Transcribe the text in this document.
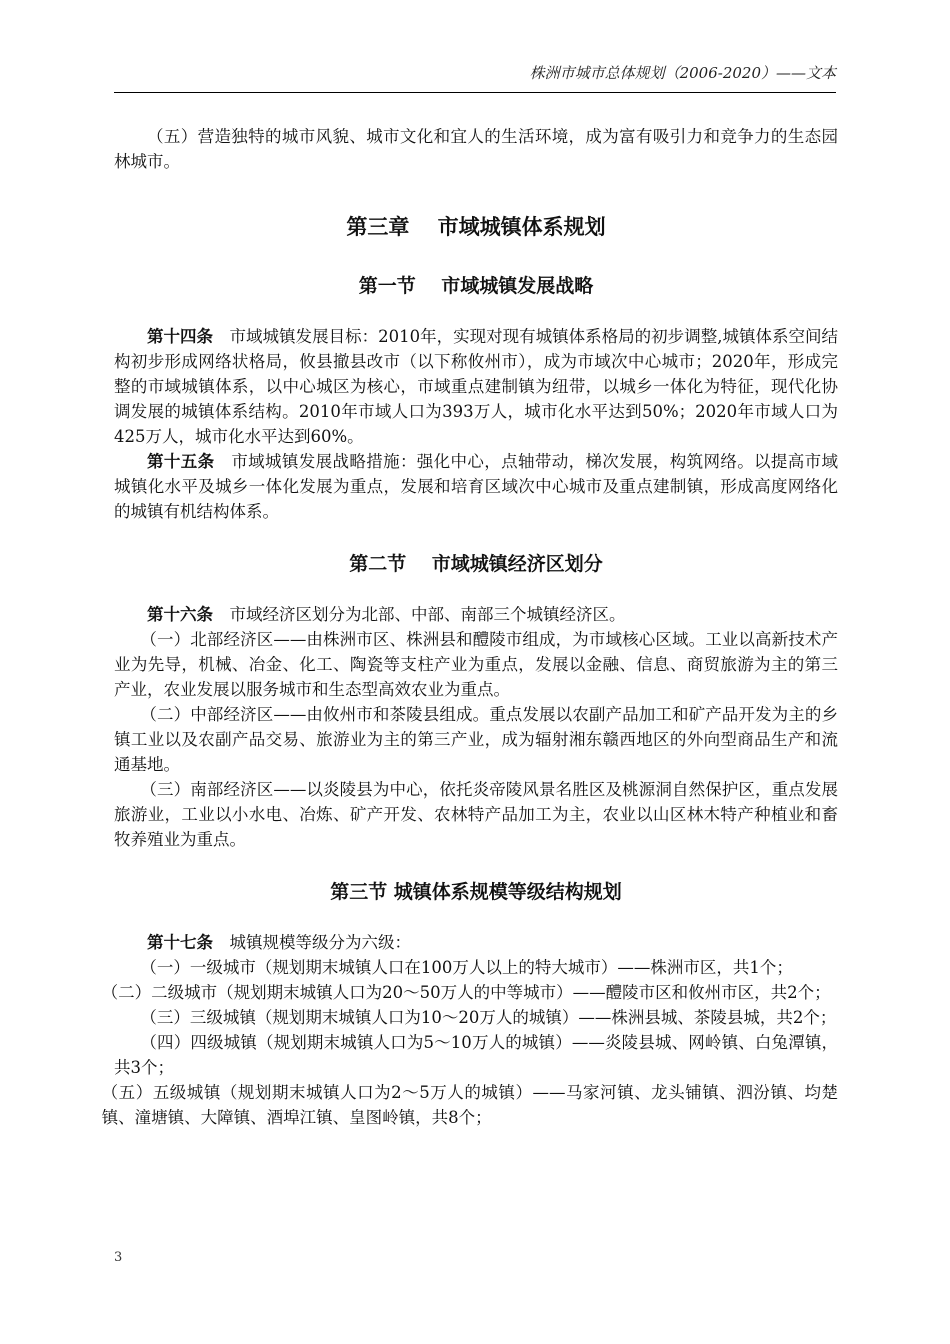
株洲市城市总体规划（2006-2020）——文本

（五）营造独特的城市风貌、城市文化和宜人的生活环境，成为富有吸引力和竞争力的生态园林城市。

第三章　 市域城镇体系规划
第一节　 市域城镇发展战略

第十四条　市域城镇发展目标：2010年，实现对现有城镇体系格局的初步调整,城镇体系空间结构初步形成网络状格局，攸县撤县改市（以下称攸州市），成为市域次中心城市；2020年，形成完整的市域城镇体系，以中心城区为核心，市域重点建制镇为纽带，以城乡一体化为特征，现代化协调发展的城镇体系结构。2010年市域人口为393万人，城市化水平达到50%；2020年市域人口为425万人，城市化水平达到60%。

第十五条　市域城镇发展战略措施：强化中心，点轴带动，梯次发展，构筑网络。以提高市域城镇化水平及城乡一体化发展为重点，发展和培育区域次中心城市及重点建制镇，形成高度网络化的城镇有机结构体系。

第二节　 市域城镇经济区划分

第十六条　市域经济区划分为北部、中部、南部三个城镇经济区。

（一）北部经济区——由株洲市区、株洲县和醴陵市组成，为市域核心区域。工业以高新技术产业为先导，机械、冶金、化工、陶瓷等支柱产业为重点，发展以金融、信息、商贸旅游为主的第三产业，农业发展以服务城市和生态型高效农业为重点。

（二）中部经济区——由攸州市和茶陵县组成。重点发展以农副产品加工和矿产品开发为主的乡镇工业以及农副产品交易、旅游业为主的第三产业，成为辐射湘东赣西地区的外向型商品生产和流通基地。

（三）南部经济区——以炎陵县为中心，依托炎帝陵风景名胜区及桃源洞自然保护区，重点发展旅游业，工业以小水电、冶炼、矿产开发、农林特产品加工为主，农业以山区林木特产种植业和畜牧养殖业为重点。

第三节 城镇体系规模等级结构规划

第十七条　城镇规模等级分为六级：

（一）一级城市（规划期末城镇人口在100万人以上的特大城市）——株洲市区，共1个；

（二）二级城市（规划期末城镇人口为20～50万人的中等城市）——醴陵市区和攸州市区，共2个；

（三）三级城镇（规划期末城镇人口为10～20万人的城镇）——株洲县城、茶陵县城，共2个；

（四）四级城镇（规划期末城镇人口为5～10万人的城镇）——炎陵县城、网岭镇、白兔潭镇，共3个；

（五）五级城镇（规划期末城镇人口为2～5万人的城镇）——马家河镇、龙头铺镇、泗汾镇、均楚镇、潼塘镇、大障镇、酒埠江镇、皇图岭镇，共8个；

3
